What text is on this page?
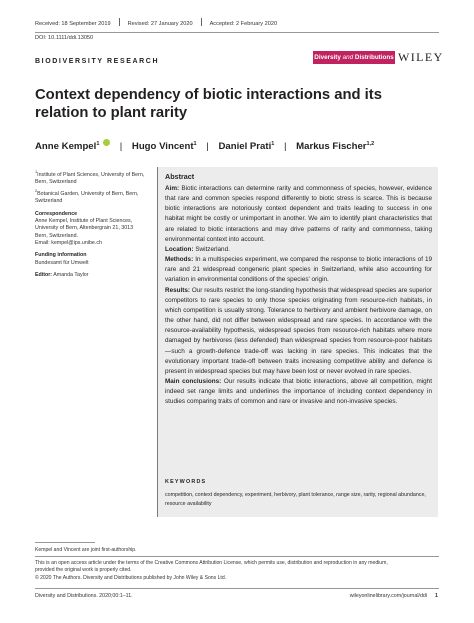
Received: 18 September 2019	Revised: 27 January 2020	Accepted: 2 February 2020
DOI: 10.1111/ddi.13050
BIODIVERSITY RESEARCH
Diversity and Distributions WILEY
Context dependency of biotic interactions and its relation to plant rarity
Anne Kempel$^1$ | Hugo Vincent$^1$ | Daniel Prati$^1$ | Markus Fischer$^{1,2}$
$^1$Institute of Plant Sciences, University of Bern, Bern, Switzerland
$^2$Botanical Garden, University of Bern, Bern, Switzerland
Correspondence
Anne Kempel, Institute of Plant Sciences,
University of Bern, Altenbergrain 21, 3013
Bern, Switzerland.
Email: kempel@ips.unibe.ch
Funding information
Bundesamt für Umwelt
Editor: Amanda Taylor
Abstract
Aim: Biotic interactions can determine rarity and commonness of species, however, evidence that rare and common species respond differently to biotic stress is scarce. This is because biotic interactions are notoriously context dependent and traits leading to success in one habitat might be costly or unimportant in another. We aim to identify plant characteristics that are related to biotic interactions and may drive patterns of rarity and commonness, taking environmental context into account.
Location: Switzerland.
Methods: In a multispecies experiment, we compared the response to biotic interactions of 19 rare and 21 widespread congeneric plant species in Switzerland, while also accounting for variation in environmental conditions of the species' origin.
Results: Our results restrict the long-standing hypothesis that widespread species are superior competitors to rare species to only those species originating from resource-rich habitats, in which competition is usually strong. Tolerance to herbivory and ambient herbivore damage, on the other hand, did not differ between widespread and rare species. In accordance with the resource-availability hypothesis, widespread species from resource-rich habitats where more damaged by herbivores (less defended) than widespread species from resource-poor habitats—such a growth-defence trade-off was lacking in rare species. This indicates that the evolutionary important trade-off between traits increasing competitive ability and defence is present in widespread species but may have been lost or never evolved in rare species.
Main conclusions: Our results indicate that biotic interactions, above all competition, might indeed set range limits and underlines the importance of including context dependency in studies comparing traits of common and rare or invasive and non-invasive species.
KEYWORDS
competition, context dependency, experiment, herbivory, plant tolerance, range size, rarity, regional abundance, resource availability
Kempel and Vincent are joint first-authorship.
This is an open access article under the terms of the Creative Commons Attribution License, which permits use, distribution and reproduction in any medium,
provided the original work is properly cited.
© 2020 The Authors. Diversity and Distributions published by John Wiley & Sons Ltd.
Diversity and Distributions. 2020;00:1–11.	wileyonlinelibrary.com/journal/ddi 1
